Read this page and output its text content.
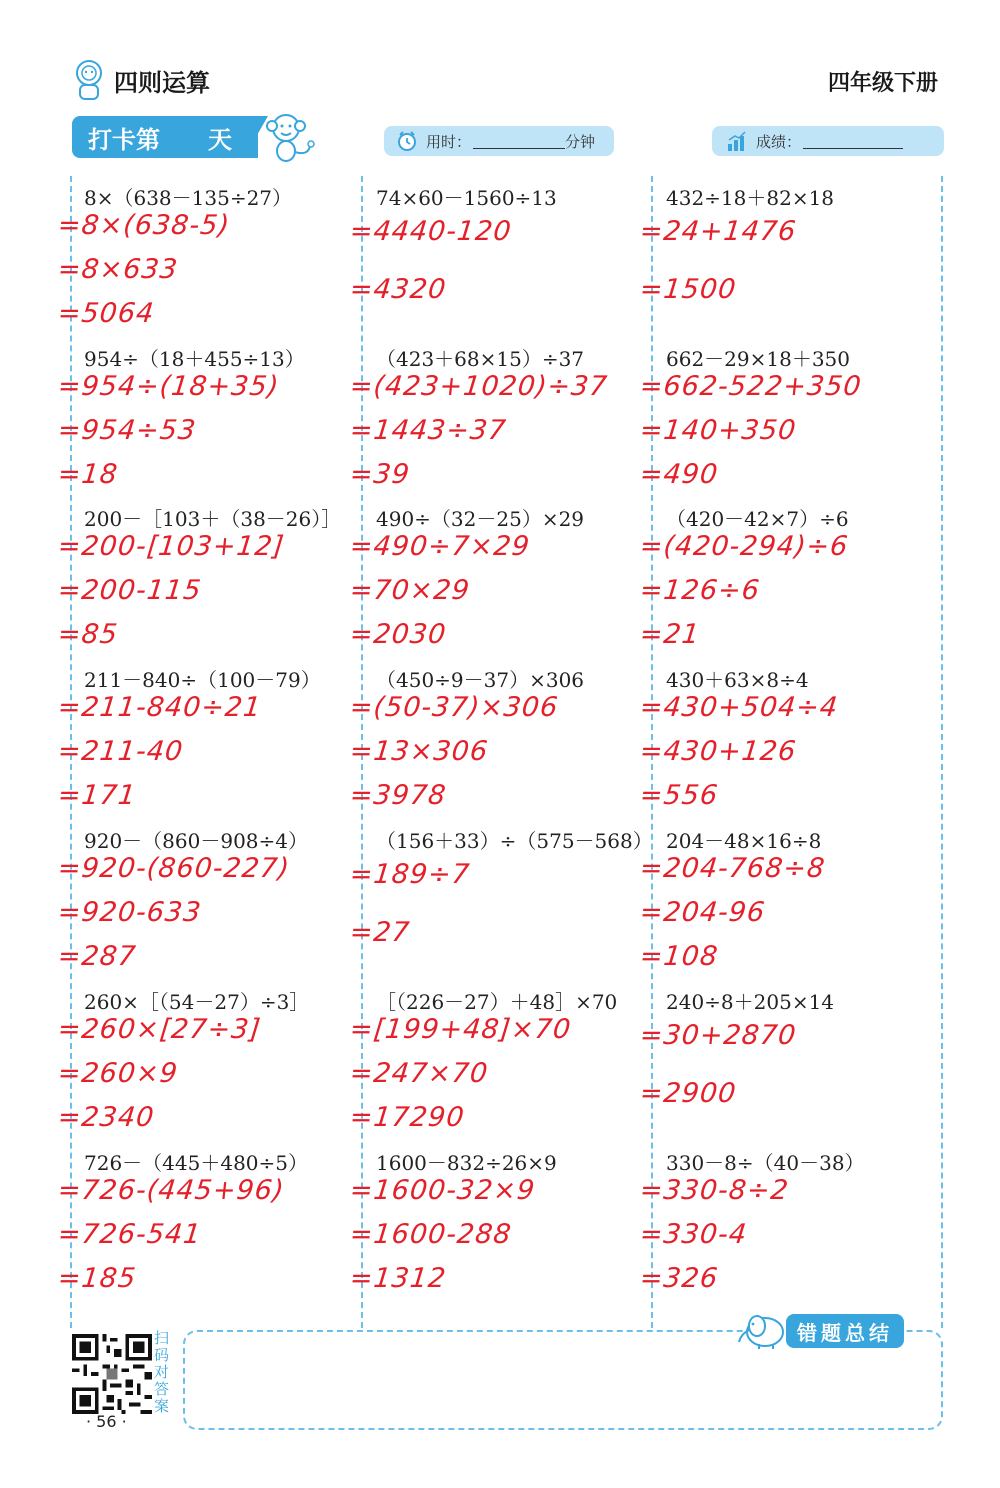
四则运算	四年级下册
打卡第 天	用时：	分钟	成绩：
8×（638－135÷27）
=8×(638-5)
=8×633
=5064
74×60－1560÷13
=4440-120
=4320
432÷18＋82×18
=24+1476
=1500
954÷（18＋455÷13）
=954÷(18+35)
=954÷53
=18
（423＋68×15）÷37
=(423+1020)÷37
=1443÷37
=39
662－29×18＋350
=662-522+350
=140+350
=490
200－［103＋（38－26）］
=200-[103+12]
=200-115
=85
490÷（32－25）×29
=490÷7×29
=70×29
=2030
（420－42×7）÷6
=(420-294)÷6
=126÷6
=21
211－840÷（100－79）
=211-840÷21
=211-40
=171
（450÷9－37）×306
=(50-37)×306
=13×306
=3978
430＋63×8÷4
=430+504÷4
=430+126
=556
920－（860－908÷4）
=920-(860-227)
=920-633
=287
（156＋33）÷（575－568）
=189÷7
=27
204－48×16÷8
=204-768÷8
=204-96
=108
260×［（54－27）÷3］
=260×[27÷3]
=260×9
=2340
［（226－27）＋48］×70
=[199+48]×70
=247×70
=17290
240÷8＋205×14
=30+2870
=2900
726－（445＋480÷5）
=726-(445+96)
=726-541
=185
1600－832÷26×9
=1600-32×9
=1600-288
=1312
330－8÷（40－38）
=330-8÷2
=330-4
=326
错题总结
扫码对答案
· 56 ·
